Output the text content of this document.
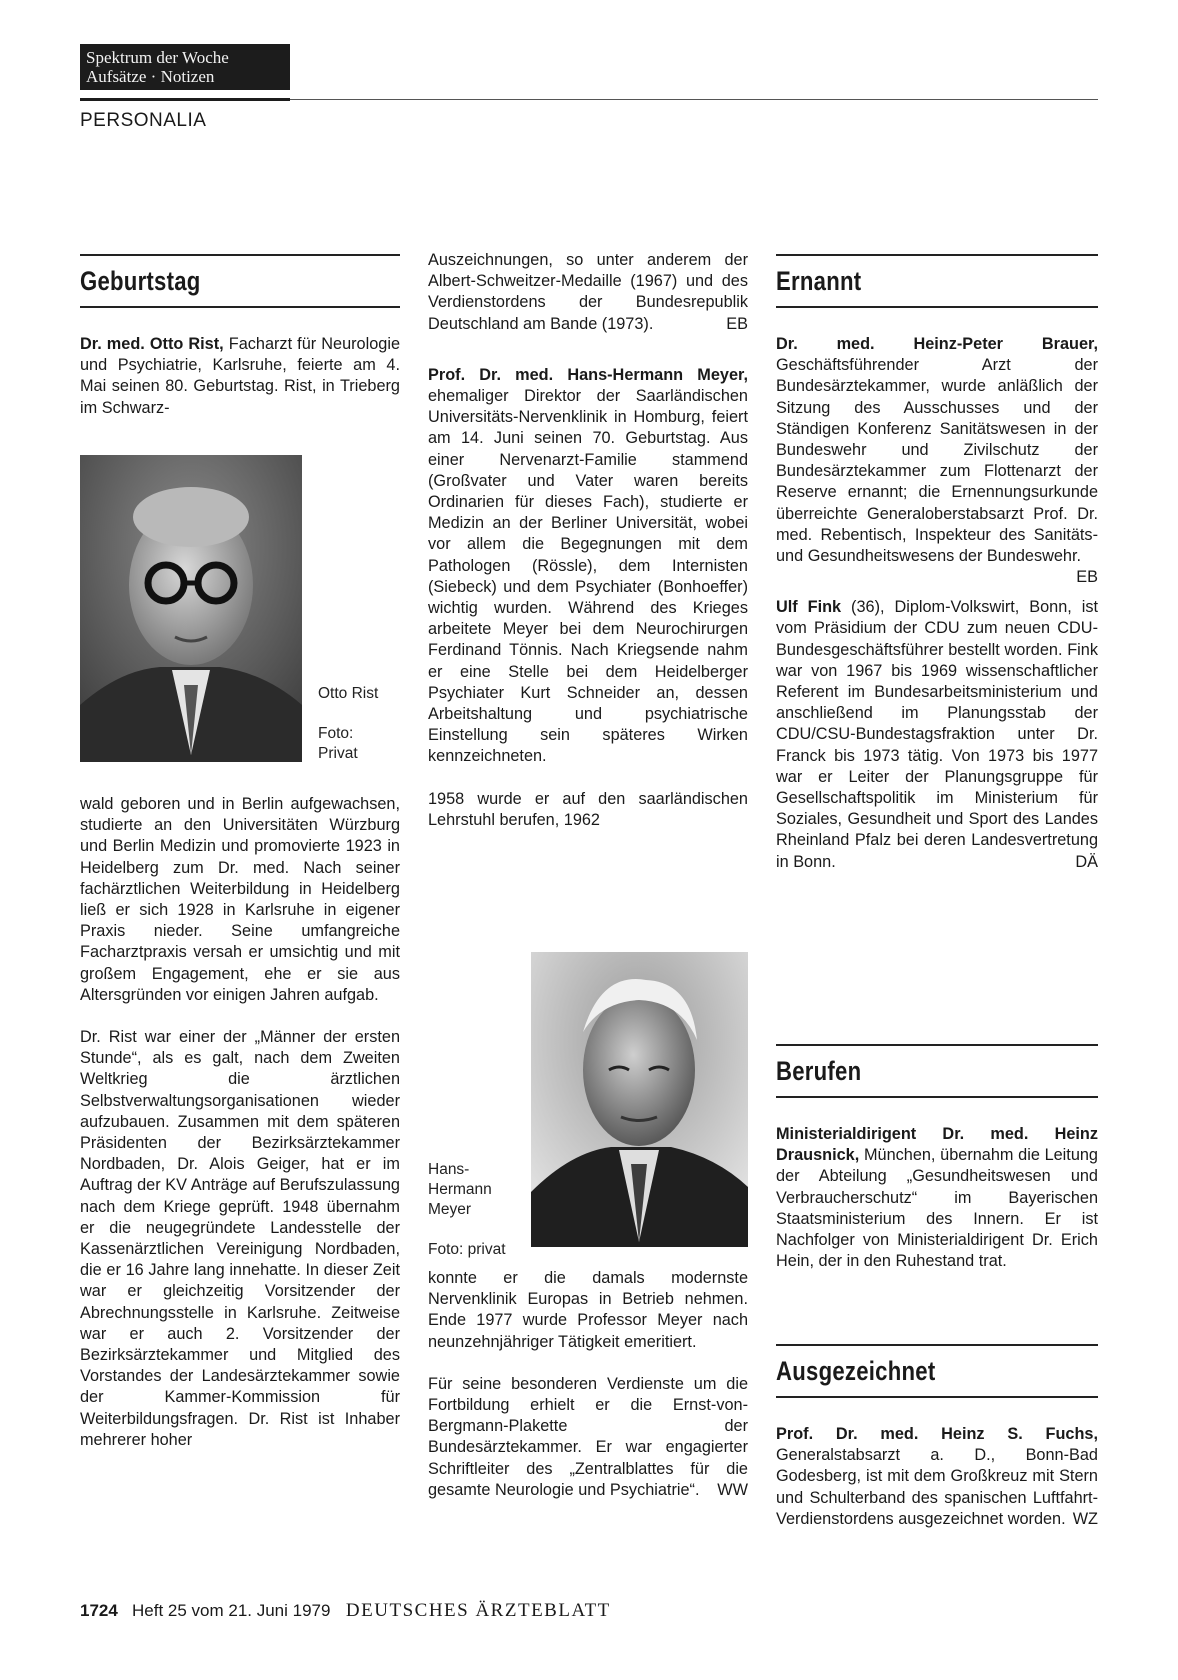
Spektrum der Woche
Aufsätze · Notizen
PERSONALIA
Geburtstag

Dr. med. Otto Rist, Facharzt für Neurologie und Psychiatrie, Karlsruhe, feierte am 4. Mai seinen 80. Geburtstag. Rist, in Trieberg im Schwarz-

Otto Rist
Foto:
Privat

wald geboren und in Berlin aufgewachsen, studierte an den Universitäten Würzburg und Berlin Medizin und promovierte 1923 in Heidelberg zum Dr. med. Nach seiner fachärztlichen Weiterbildung in Heidelberg ließ er sich 1928 in Karlsruhe in eigener Praxis nieder. Seine umfangreiche Facharztpraxis versah er umsichtig und mit großem Engagement, ehe er sie aus Altersgründen vor einigen Jahren aufgab.

Dr. Rist war einer der „Männer der ersten Stunde“, als es galt, nach dem Zweiten Weltkrieg die ärztlichen Selbstverwaltungsorganisationen wieder aufzubauen. Zusammen mit dem späteren Präsidenten der Bezirksärztekammer Nordbaden, Dr. Alois Geiger, hat er im Auftrag der KV Anträge auf Berufszulassung nach dem Kriege geprüft. 1948 übernahm er die neugegründete Landesstelle der Kassenärztlichen Vereinigung Nordbaden, die er 16 Jahre lang innehatte. In dieser Zeit war er gleichzeitig Vorsitzender der Abrechnungsstelle in Karlsruhe. Zeitweise war er auch 2. Vorsitzender der Bezirksärztekammer und Mitglied des Vorstandes der Landesärztekammer sowie der Kammer-Kommission für Weiterbildungsfragen. Dr. Rist ist Inhaber mehrerer hoher

Auszeichnungen, so unter anderem der Albert-Schweitzer-Medaille (1967) und des Verdienstordens der Bundesrepublik Deutschland am Bande (1973).	EB

Prof. Dr. med. Hans-Hermann Meyer, ehemaliger Direktor der Saarländischen Universitäts-Nervenklinik in Homburg, feiert am 14. Juni seinen 70. Geburtstag. Aus einer Nervenarzt-Familie stammend (Großvater und Vater waren bereits Ordinarien für dieses Fach), studierte er Medizin an der Berliner Universität, wobei vor allem die Begegnungen mit dem Pathologen (Rössle), dem Internisten (Siebeck) und dem Psychiater (Bonhoeffer) wichtig wurden. Während des Krieges arbeitete Meyer bei dem Neurochirurgen Ferdinand Tönnis. Nach Kriegsende nahm er eine Stelle bei dem Heidelberger Psychiater Kurt Schneider an, dessen Arbeitshaltung und psychiatrische Einstellung sein späteres Wirken kennzeichneten.

1958 wurde er auf den saarländischen Lehrstuhl berufen, 1962

Hans-
Hermann
Meyer
Foto: privat

konnte er die damals modernste Nervenklinik Europas in Betrieb nehmen. Ende 1977 wurde Professor Meyer nach neunzehnjähriger Tätigkeit emeritiert.

Für seine besonderen Verdienste um die Fortbildung erhielt er die Ernst-von-Bergmann-Plakette der Bundesärztekammer. Er war engagierter Schriftleiter des „Zentralblattes für die gesamte Neurologie und Psychiatrie“. WW

Ernannt

Dr. med. Heinz-Peter Brauer, Geschäftsführender Arzt der Bundesärztekammer, wurde anläßlich der Sitzung des Ausschusses und der Ständigen Konferenz Sanitätswesen in der Bundeswehr und Zivilschutz der Bundesärztekammer zum Flottenarzt der Reserve ernannt; die Ernennungsurkunde überreichte Generaloberstabsarzt Prof. Dr. med. Rebentisch, Inspekteur des Sanitäts- und Gesundheitswesens der Bundeswehr.
EB

Ulf Fink (36), Diplom-Volkswirt, Bonn, ist vom Präsidium der CDU zum neuen CDU-Bundesgeschäftsführer bestellt worden. Fink war von 1967 bis 1969 wissenschaftlicher Referent im Bundesarbeitsministerium und anschließend im Planungsstab der CDU/CSU-Bundestagsfraktion unter Dr. Franck bis 1973 tätig. Von 1973 bis 1977 war er Leiter der Planungsgruppe für Gesellschaftspolitik im Ministerium für Soziales, Gesundheit und Sport des Landes Rheinland Pfalz bei deren Landesvertretung in Bonn.	DÄ

Berufen

Ministerialdirigent Dr. med. Heinz Drausnick, München, übernahm die Leitung der Abteilung „Gesundheitswesen und Verbraucherschutz“ im Bayerischen Staatsministerium des Innern. Er ist Nachfolger von Ministerialdirigent Dr. Erich Hein, der in den Ruhestand trat.

Ausgezeichnet

Prof. Dr. med. Heinz S. Fuchs, Generalstabsarzt a. D., Bonn-Bad Godesberg, ist mit dem Großkreuz mit Stern und Schulterband des spanischen Luftfahrt-Verdienstordens ausgezeichnet worden. WZ

1724 Heft 25 vom 21. Juni 1979 DEUTSCHES ÄRZTEBLATT
